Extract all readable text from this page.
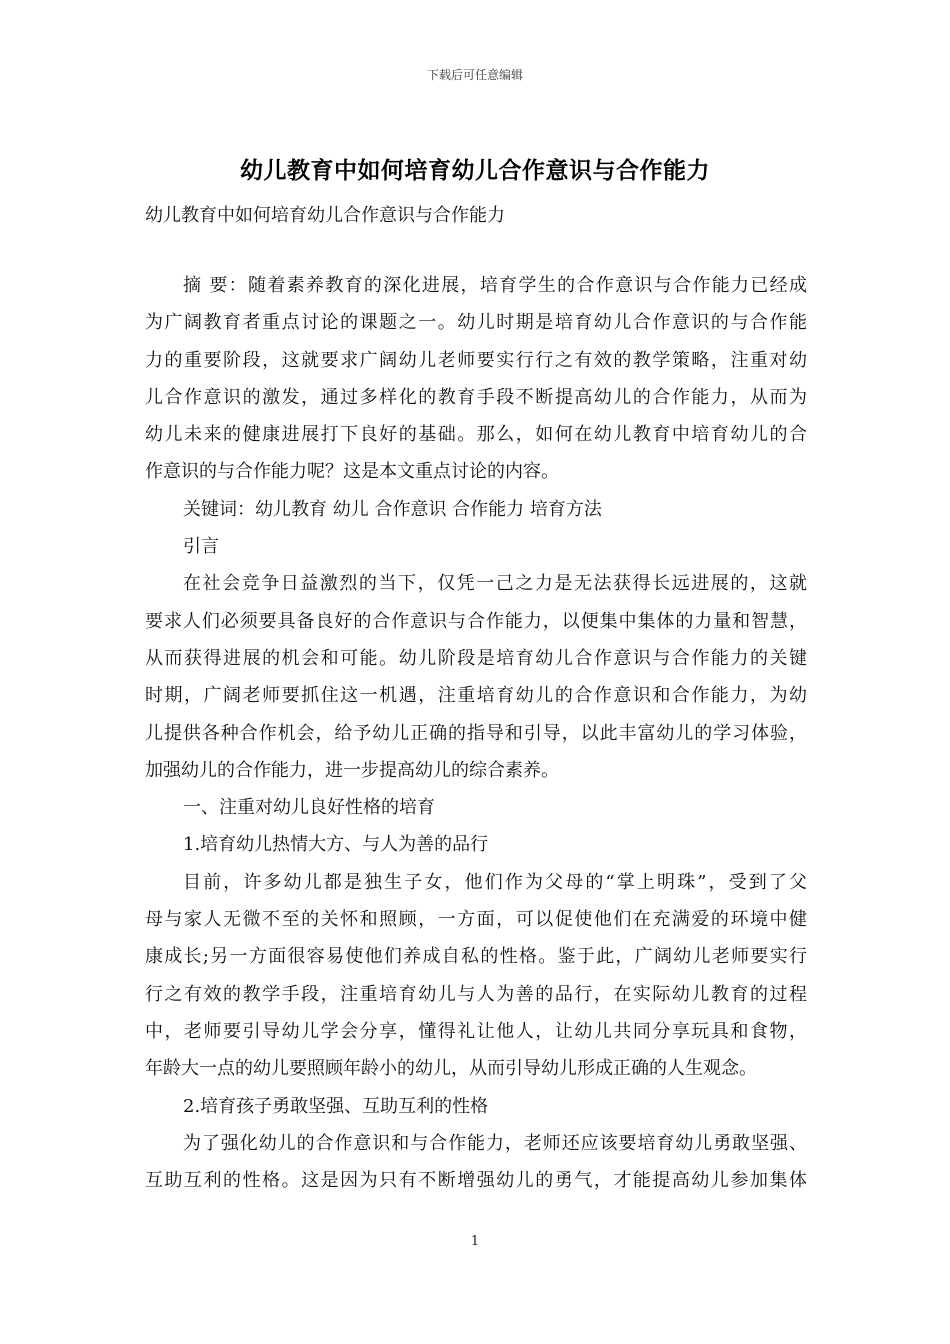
下载后可任意编辑
幼儿教育中如何培育幼儿合作意识与合作能力
幼儿教育中如何培育幼儿合作意识与合作能力
摘 要：随着素养教育的深化进展，培育学生的合作意识与合作能力已经成
为广阔教育者重点讨论的课题之一。幼儿时期是培育幼儿合作意识的与合作能
力的重要阶段，这就要求广阔幼儿老师要实行行之有效的教学策略，注重对幼
儿合作意识的激发，通过多样化的教育手段不断提高幼儿的合作能力，从而为
幼儿未来的健康进展打下良好的基础。那么，如何在幼儿教育中培育幼儿的合
作意识的与合作能力呢？这是本文重点讨论的内容。
关键词：幼儿教育 幼儿 合作意识 合作能力 培育方法
引言
在社会竞争日益激烈的当下，仅凭一己之力是无法获得长远进展的，这就
要求人们必须要具备良好的合作意识与合作能力，以便集中集体的力量和智慧，
从而获得进展的机会和可能。幼儿阶段是培育幼儿合作意识与合作能力的关键
时期，广阔老师要抓住这一机遇，注重培育幼儿的合作意识和合作能力，为幼
儿提供各种合作机会，给予幼儿正确的指导和引导，以此丰富幼儿的学习体验，
加强幼儿的合作能力，进一步提高幼儿的综合素养。
一、注重对幼儿良好性格的培育
1.培育幼儿热情大方、与人为善的品行
目前，许多幼儿都是独生子女，他们作为父母的“掌上明珠”，受到了父
母与家人无微不至的关怀和照顾，一方面，可以促使他们在充满爱的环境中健
康成长;另一方面很容易使他们养成自私的性格。鉴于此，广阔幼儿老师要实行
行之有效的教学手段，注重培育幼儿与人为善的品行，在实际幼儿教育的过程
中，老师要引导幼儿学会分享，懂得礼让他人，让幼儿共同分享玩具和食物，
年龄大一点的幼儿要照顾年龄小的幼儿，从而引导幼儿形成正确的人生观念。
2.培育孩子勇敢坚强、互助互利的性格
为了强化幼儿的合作意识和与合作能力，老师还应该要培育幼儿勇敢坚强、
互助互利的性格。这是因为只有不断增强幼儿的勇气，才能提高幼儿参加集体
1
